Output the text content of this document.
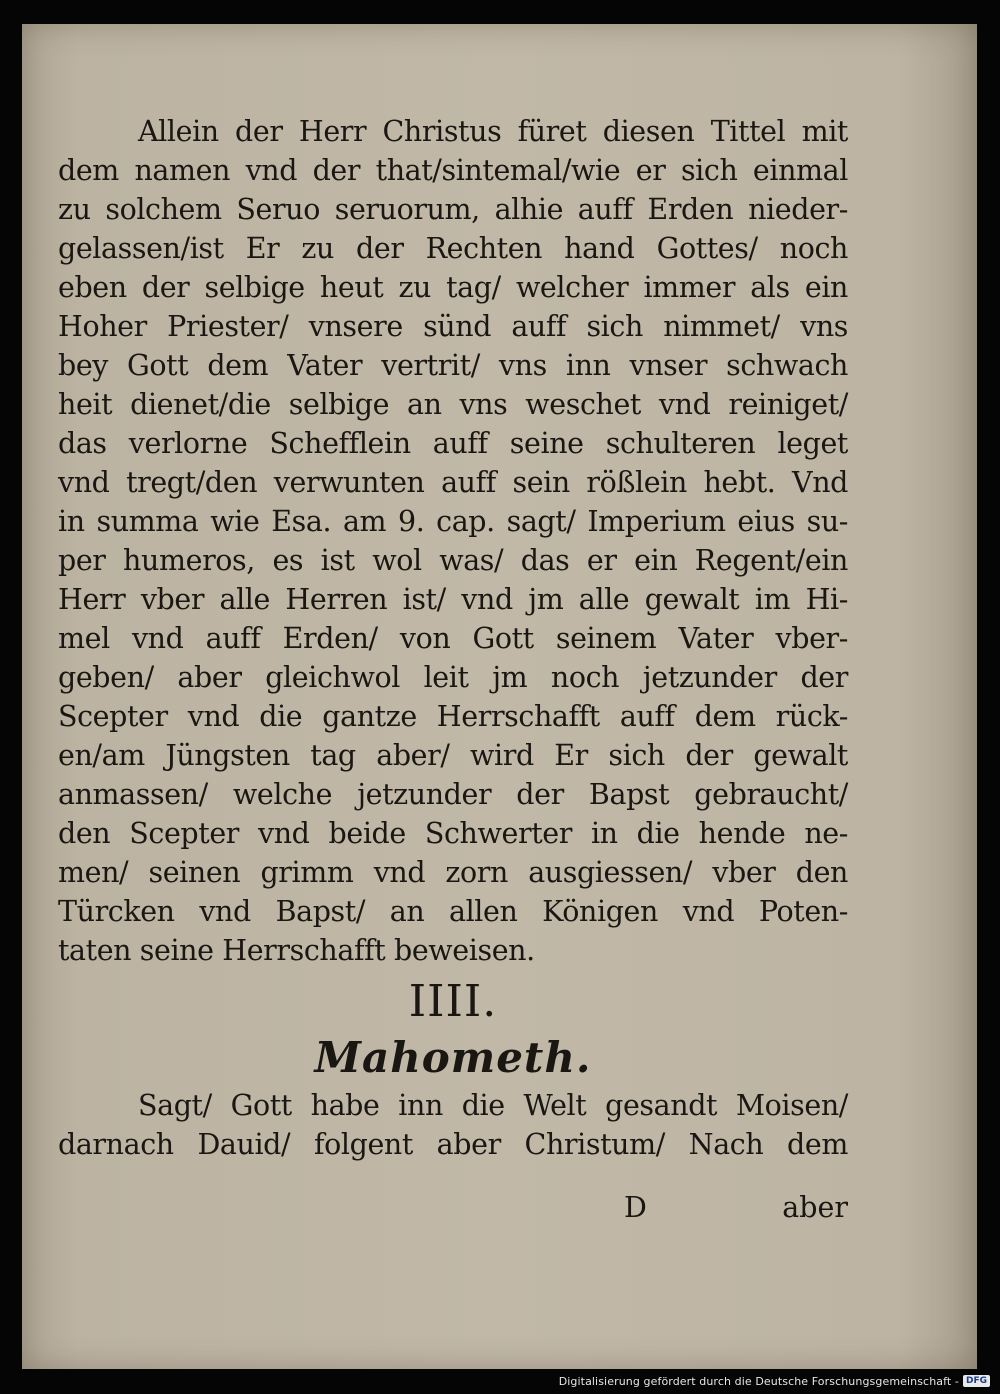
Allein der Herr Christus füret diesen Tittel mit
dem namen vnd der that/sintemal/wie er sich einmal
zu solchem Seruo seruorum, alhie auff Erden nieder-
gelassen/ist Er zu der Rechten hand Gottes/ noch
eben der selbige heut zu tag/ welcher immer als ein
Hoher Priester/ vnsere sünd auff sich nimmet/ vns
bey Gott dem Vater vertrit/ vns inn vnser schwach
heit dienet/die selbige an vns weschet vnd reiniget/
das verlorne Schefflein auff seine schulteren leget
vnd tregt/den verwunten auff sein rößlein hebt. Vnd
in summa wie Esa. am 9. cap. sagt/ Imperium eius su-
per humeros, es ist wol was/ das er ein Regent/ein
Herr vber alle Herren ist/ vnd jm alle gewalt im Hi-
mel vnd auff Erden/ von Gott seinem Vater vber-
geben/ aber gleichwol leit jm noch jetzunder der
Scepter vnd die gantze Herrschafft auff dem rück-
en/am Jüngsten tag aber/ wird Er sich der gewalt
anmassen/ welche jetzunder der Bapst gebraucht/
den Scepter vnd beide Schwerter in die hende ne-
men/ seinen grimm vnd zorn ausgiessen/ vber den
Türcken vnd Bapst/ an allen Königen vnd Poten-
taten seine Herrschafft beweisen.
IIII.
Mahometh.
Sagt/ Gott habe inn die Welt gesandt Moisen/
darnach Dauid/ folgent aber Christum/ Nach dem
D	aber
Digitalisierung gefördert durch die Deutsche Forschungsgemeinschaft - DFG
